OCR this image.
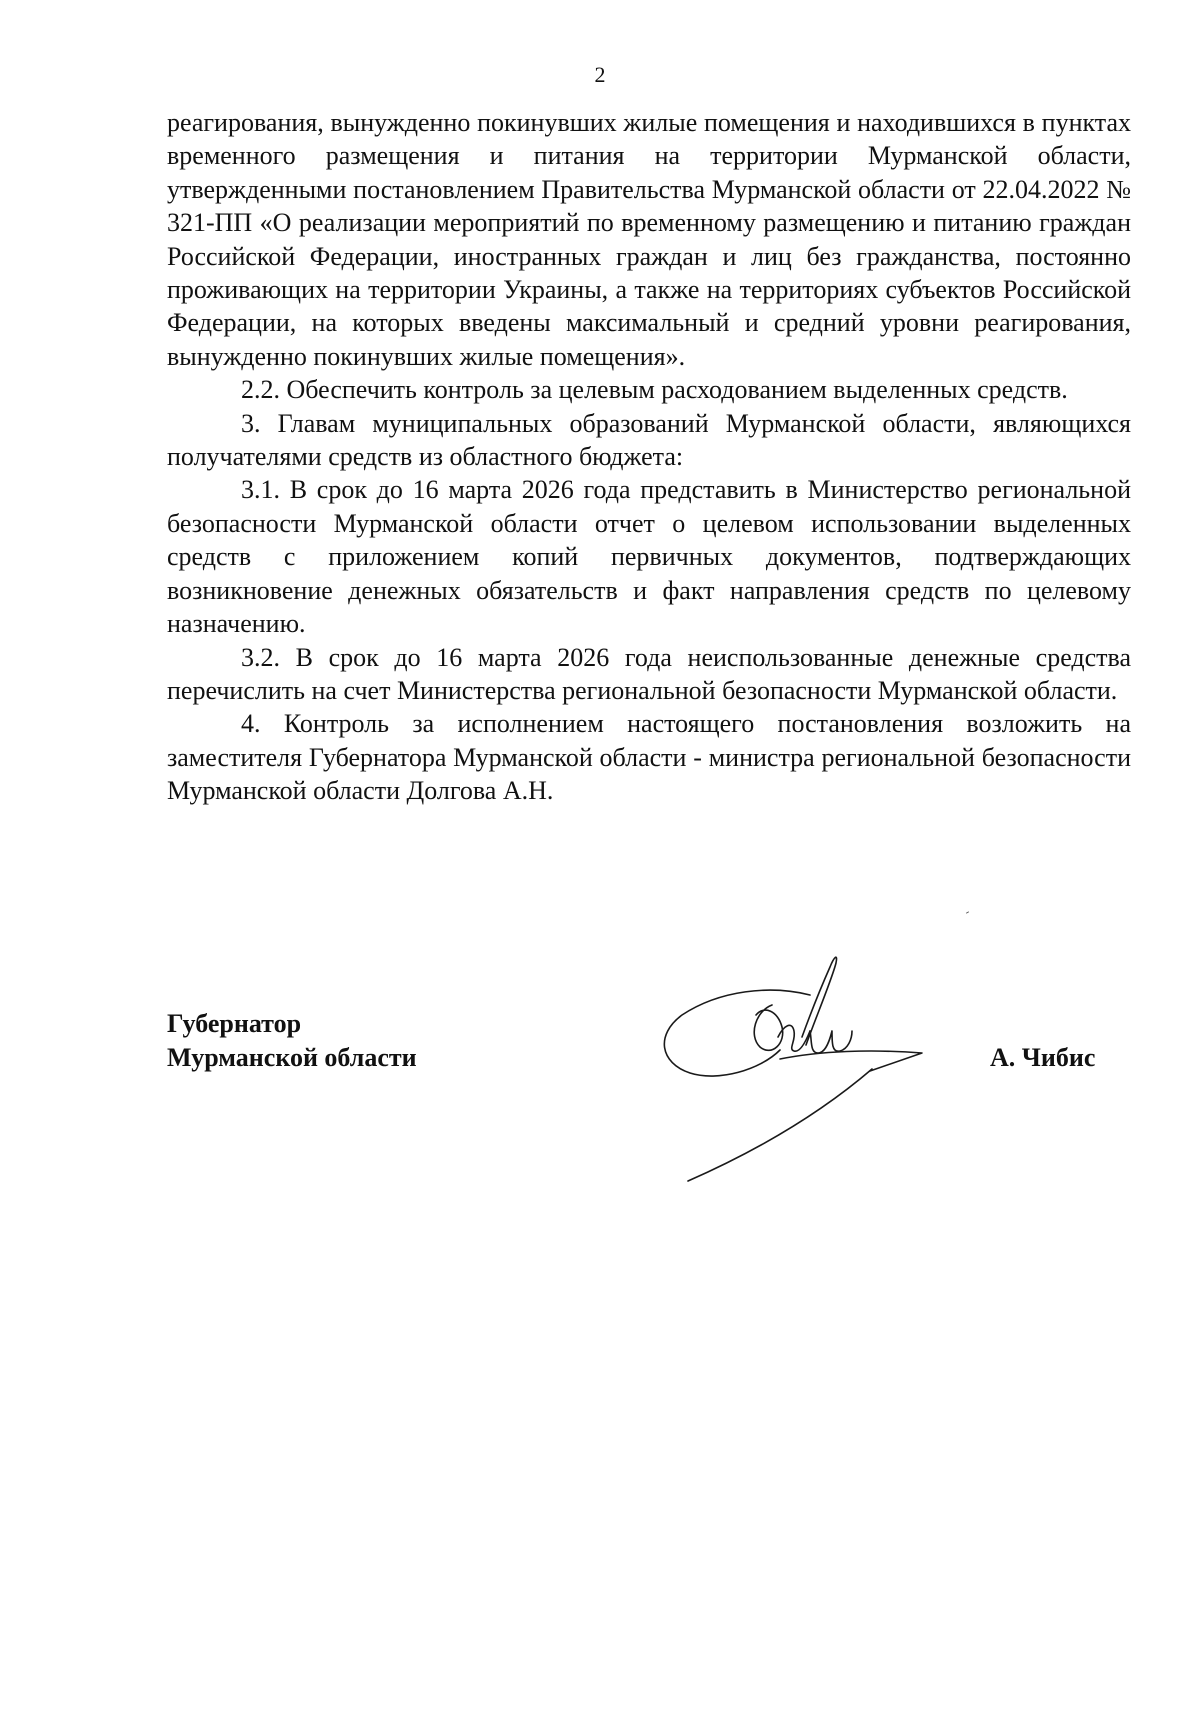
2

реагирования, вынужденно покинувших жилые помещения и находившихся в пунктах временного размещения и питания на территории Мурманской области, утвержденными постановлением Правительства Мурманской области от 22.04.2022 № 321-ПП «О реализации мероприятий по временному размещению и питанию граждан Российской Федерации, иностранных граждан и лиц без гражданства, постоянно проживающих на территории Украины, а также на территориях субъектов Российской Федерации, на которых введены максимальный и средний уровни реагирования, вынужденно покинувших жилые помещения».

2.2. Обеспечить контроль за целевым расходованием выделенных средств.

3. Главам муниципальных образований Мурманской области, являющихся получателями средств из областного бюджета:

3.1. В срок до 16 марта 2026 года представить в Министерство региональной безопасности Мурманской области отчет о целевом использовании выделенных средств с приложением копий первичных документов, подтверждающих возникновение денежных обязательств и факт направления средств по целевому назначению.

3.2. В срок до 16 марта 2026 года неиспользованные денежные средства перечислить на счет Министерства региональной безопасности Мурманской области.

4. Контроль за исполнением настоящего постановления возложить на заместителя Губернатора Мурманской области - министра региональной безопасности Мурманской области Долгова А.Н.

Губернатор
Мурманской области	А. Чибис
